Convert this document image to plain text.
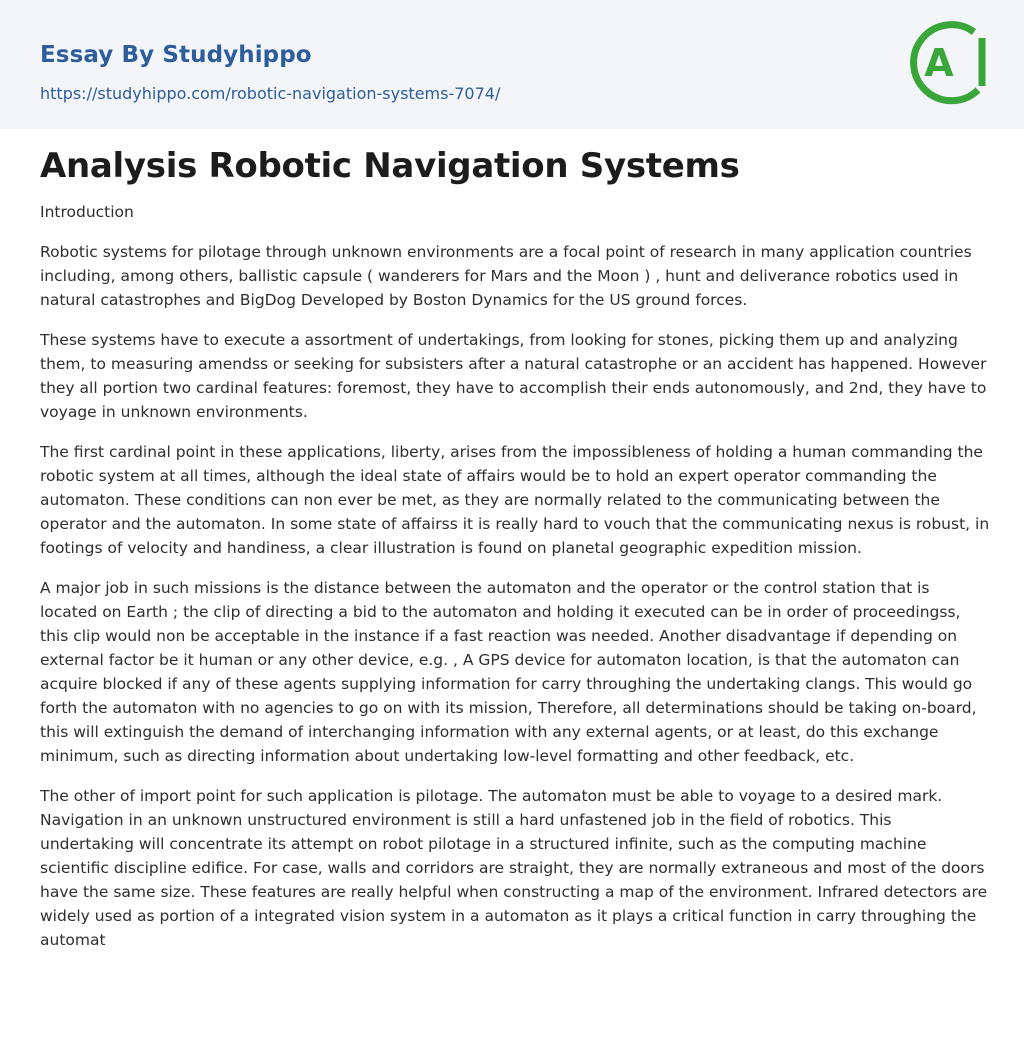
Essay By Studyhippo
https://studyhippo.com/robotic-navigation-systems-7074/
A
Analysis Robotic Navigation Systems

Introduction

Robotic systems for pilotage through unknown environments are a focal point of research in many application countries including, among others, ballistic capsule ( wanderers for Mars and the Moon ) , hunt and deliverance robotics used in natural catastrophes and BigDog Developed by Boston Dynamics for the US ground forces.

These systems have to execute a assortment of undertakings, from looking for stones, picking them up and analyzing them, to measuring amendss or seeking for subsisters after a natural catastrophe or an accident has happened. However they all portion two cardinal features: foremost, they have to accomplish their ends autonomously, and 2nd, they have to voyage in unknown environments.

The first cardinal point in these applications, liberty, arises from the impossibleness of holding a human commanding the robotic system at all times, although the ideal state of affairs would be to hold an expert operator commanding the automaton. These conditions can non ever be met, as they are normally related to the communicating between the operator and the automaton. In some state of affairss it is really hard to vouch that the communicating nexus is robust, in footings of velocity and handiness, a clear illustration is found on planetal geographic expedition mission.

A major job in such missions is the distance between the automaton and the operator or the control station that is located on Earth ; the clip of directing a bid to the automaton and holding it executed can be in order of proceedingss, this clip would non be acceptable in the instance if a fast reaction was needed. Another disadvantage if depending on external factor be it human or any other device, e.g. , A GPS device for automaton location, is that the automaton can acquire blocked if any of these agents supplying information for carry throughing the undertaking clangs. This would go forth the automaton with no agencies to go on with its mission, Therefore, all determinations should be taking on-board, this will extinguish the demand of interchanging information with any external agents, or at least, do this exchange minimum, such as directing information about undertaking low-level formatting and other feedback, etc.

The other of import point for such application is pilotage. The automaton must be able to voyage to a desired mark. Navigation in an unknown unstructured environment is still a hard unfastened job in the field of robotics. This undertaking will concentrate its attempt on robot pilotage in a structured infinite, such as the computing machine scientific discipline edifice. For case, walls and corridors are straight, they are normally extraneous and most of the doors have the same size. These features are really helpful when constructing a map of the environment. Infrared detectors are widely used as portion of a integrated vision system in a automaton as it plays a critical function in carry throughing the automat
